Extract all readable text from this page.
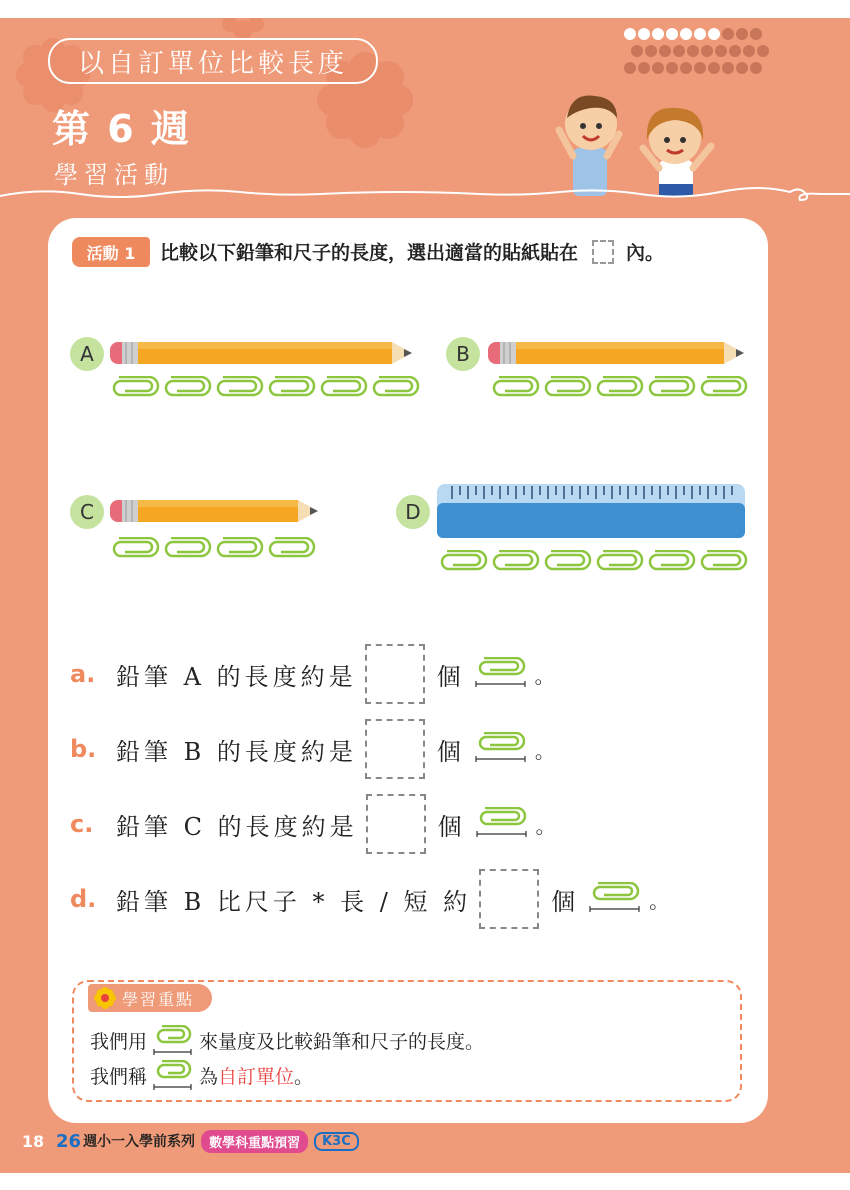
以自訂單位比較長度
第 6 週
學習活動
活動 1	比較以下鉛筆和尺子的長度，選出適當的貼紙貼在	內。
A	B
C	D
a. 鉛筆 A 的長度約是	個	。
b. 鉛筆 B 的長度約是	個	。
c. 鉛筆 C 的長度約是	個	。
d. 鉛筆 B 比尺子 * 長 / 短 約	個	。
學習重點
我們用	來量度及比較鉛筆和尺子的長度。
我們稱	為 自訂單位 。
18 26 週小一入學前系列	數學科重點預習	K3C
